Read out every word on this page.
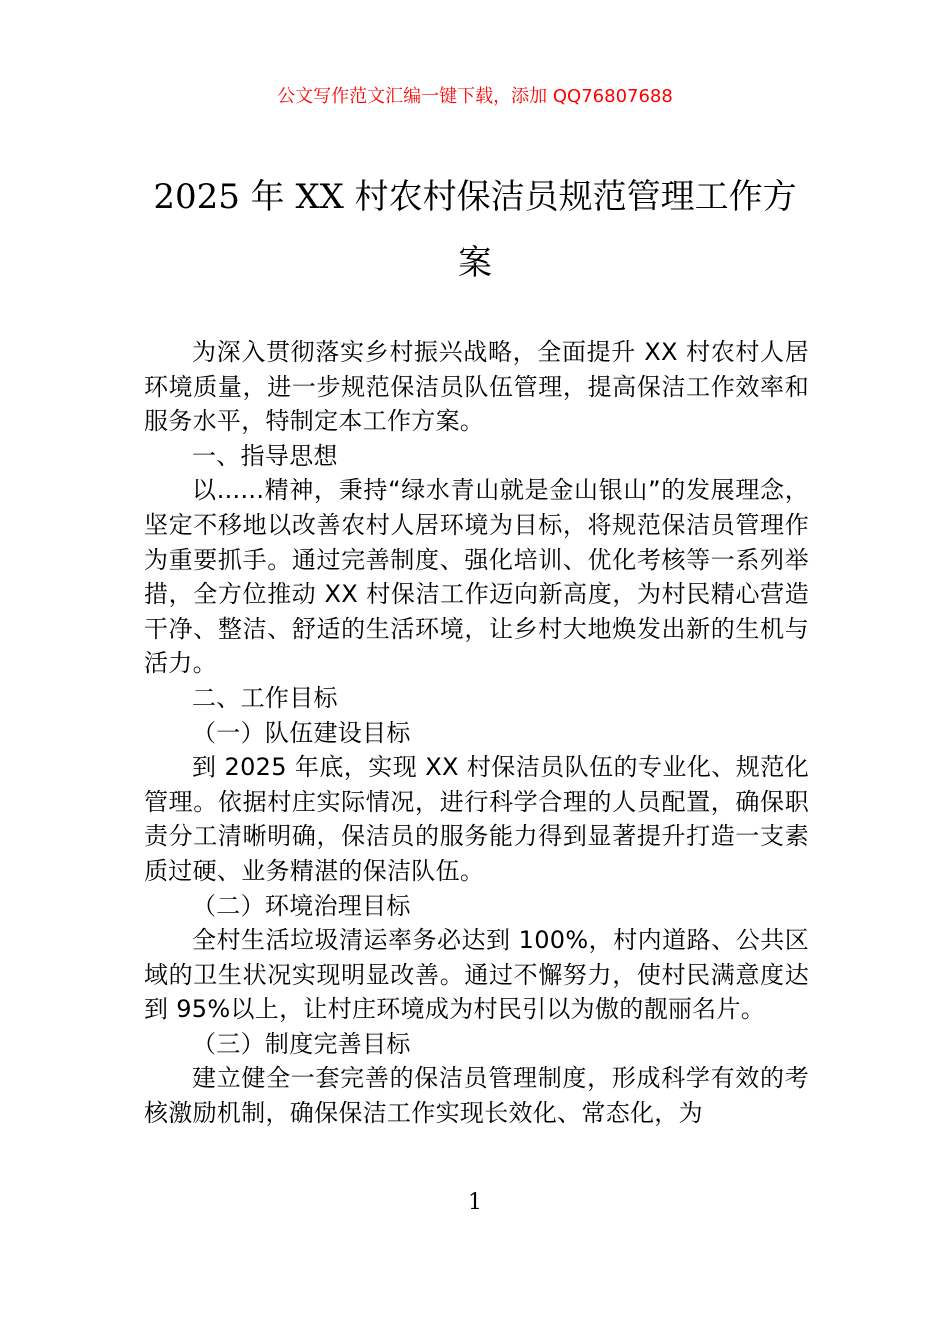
公文写作范文汇编一键下载，添加 QQ76807688
2025 年 XX 村农村保洁员规范管理工作方案

为深入贯彻落实乡村振兴战略，全面提升 XX 村农村人居环境质量，进一步规范保洁员队伍管理，提高保洁工作效率和服务水平，特制定本工作方案。

一、指导思想

以......精神，秉持“绿水青山就是金山银山”的发展理念，坚定不移地以改善农村人居环境为目标，将规范保洁员管理作为重要抓手。通过完善制度、强化培训、优化考核等一系列举措，全方位推动 XX 村保洁工作迈向新高度，为村民精心营造干净、整洁、舒适的生活环境，让乡村大地焕发出新的生机与活力。

二、工作目标

（一）队伍建设目标

到 2025 年底，实现 XX 村保洁员队伍的专业化、规范化管理。依据村庄实际情况，进行科学合理的人员配置，确保职责分工清晰明确，保洁员的服务能力得到显著提升打造一支素质过硬、业务精湛的保洁队伍。

（二）环境治理目标

全村生活垃圾清运率务必达到 100%，村内道路、公共区域的卫生状况实现明显改善。通过不懈努力，使村民满意度达到 95%以上，让村庄环境成为村民引以为傲的靓丽名片。

（三）制度完善目标

建立健全一套完善的保洁员管理制度，形成科学有效的考核激励机制，确保保洁工作实现长效化、常态化，为

1
